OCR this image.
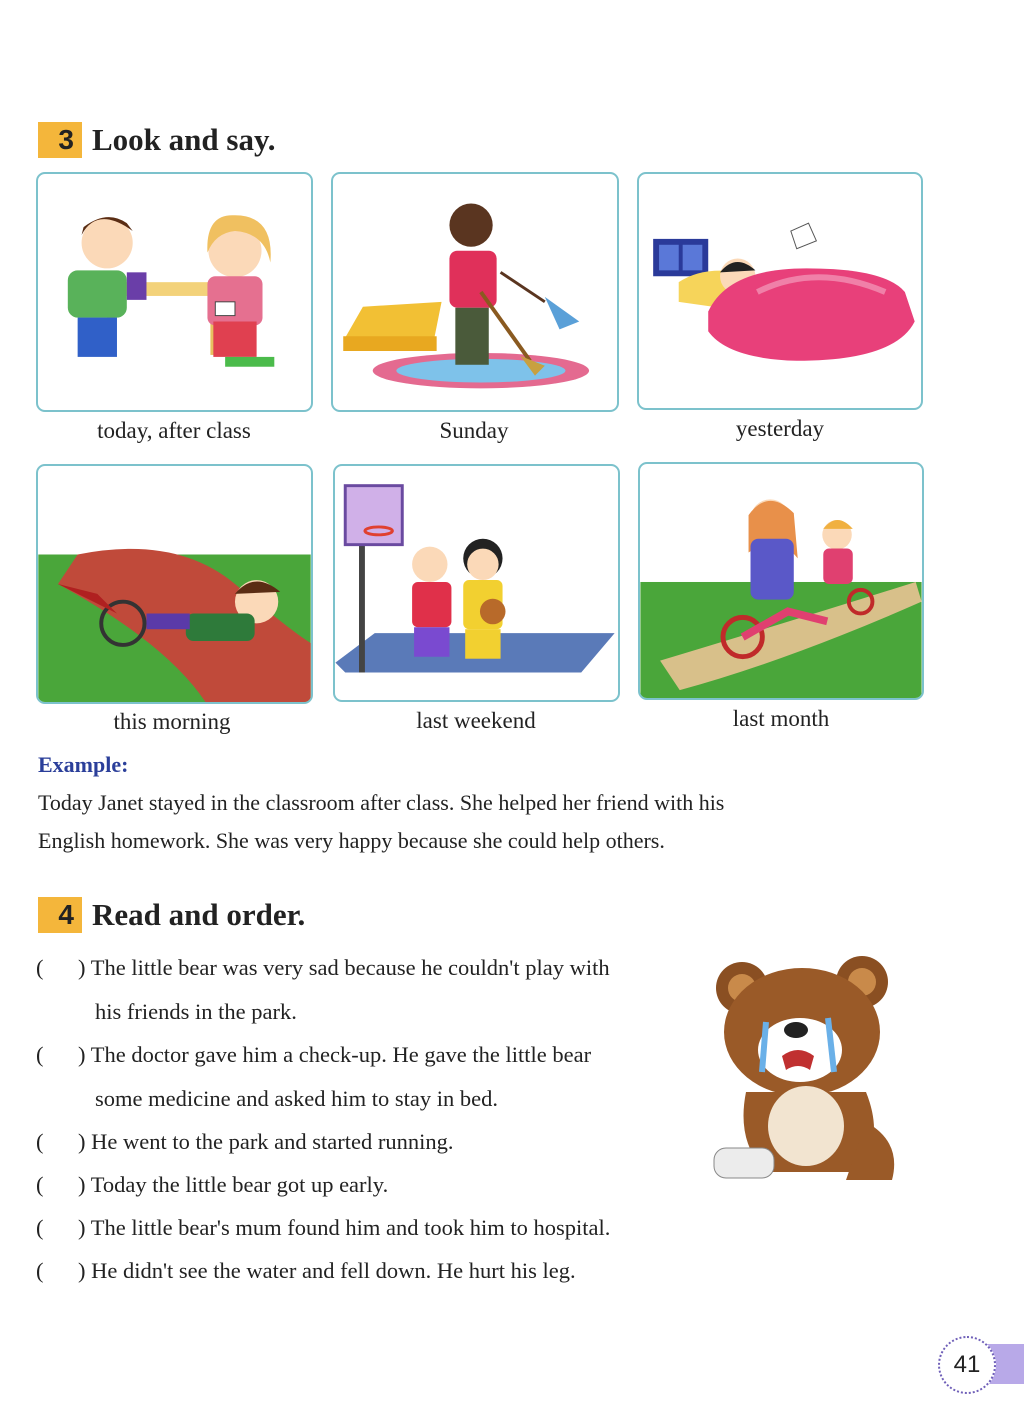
3 Look and say.
today, after class	Sunday	yesterday
this morning	last weekend	last month
Example:
Today Janet stayed in the classroom after class. She helped her friend with his
English homework. She was very happy because she could help others.
4 Read and order.
( ) The little bear was very sad because he couldn't play with
his friends in the park.
( ) The doctor gave him a check-up. He gave the little bear
some medicine and asked him to stay in bed.
( ) He went to the park and started running.
( ) Today the little bear got up early.
( ) The little bear's mum found him and took him to hospital.
( ) He didn't see the water and fell down. He hurt his leg.
41
